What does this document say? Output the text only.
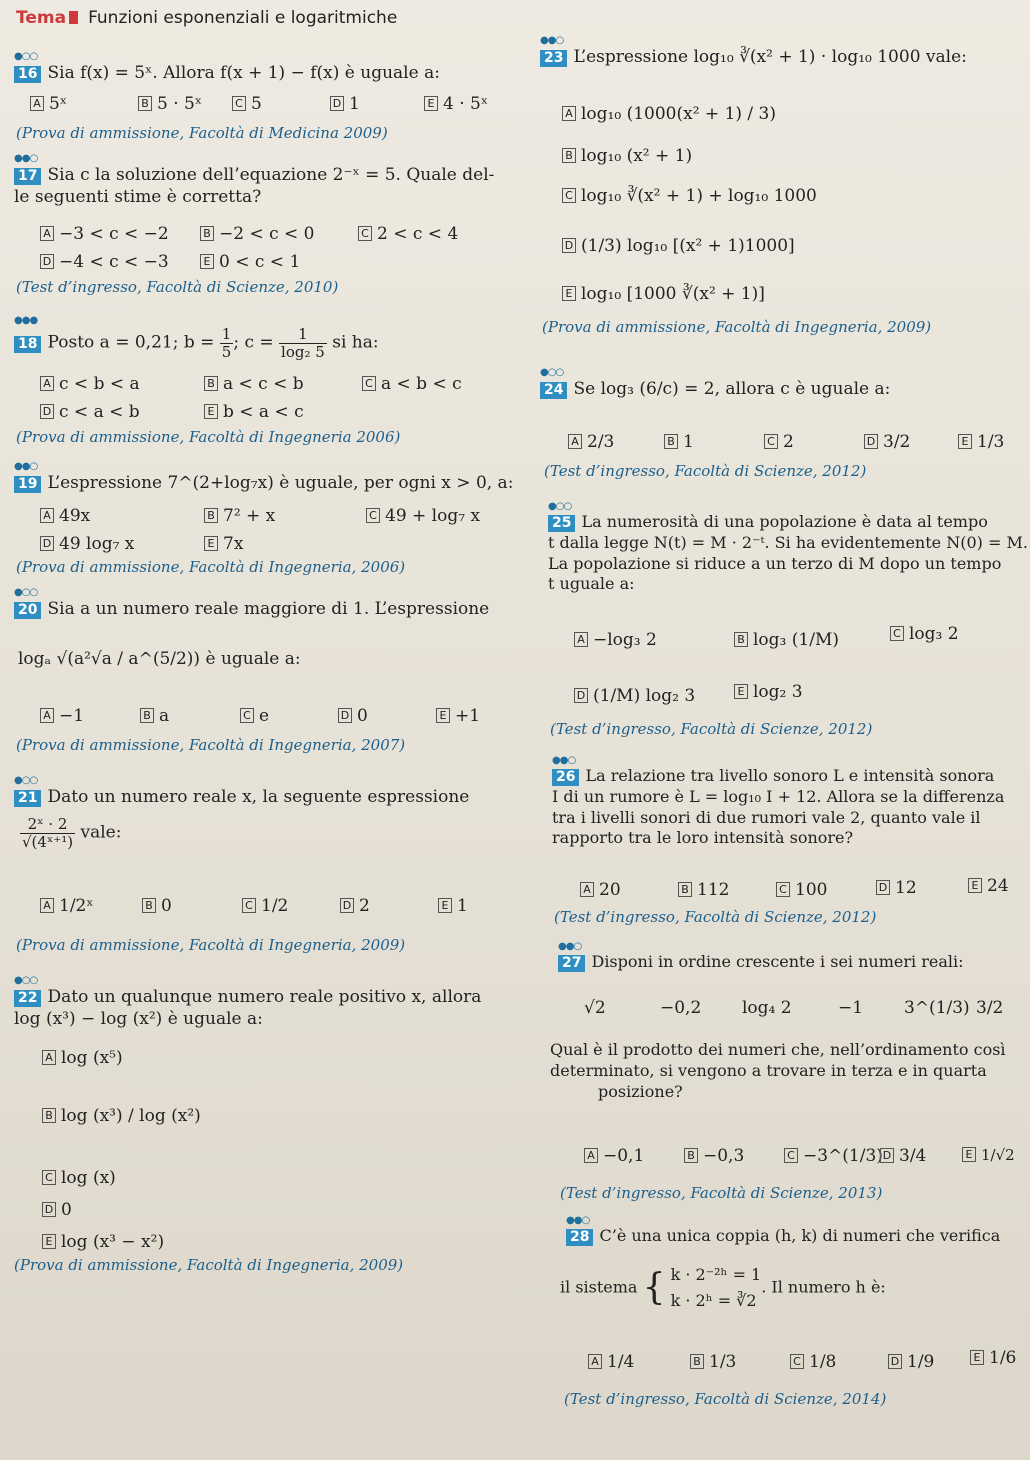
Tema Funzioni esponenziali e logaritmiche
●○○
16 Sia f(x) = 5ˣ. Allora f(x + 1) − f(x) è uguale a:
A 5ˣ	B 5 · 5ˣ	C 5	D 1	E 4 · 5ˣ
(Prova di ammissione, Facoltà di Medicina 2009)
●●○
17 Sia c la soluzione dell’equazione 2⁻ˣ = 5. Quale del-
le seguenti stime è corretta?
A −3 < c < −2	B −2 < c < 0	C 2 < c < 4
D −4 < c < −3	E 0 < c < 1
(Test d’ingresso, Facoltà di Scienze, 2010)
●●●
18 Posto a = 0,21; $b = \frac{1}{5}$ ; $c = \frac{1}{\text{log₂ 5}}$ si ha:
A c < b < a	B a < c < b	C a < b < c
D c < a < b	E b < a < c
(Prova di ammissione, Facoltà di Ingegneria 2006)
●●○
19 L’espressione 7^(2+log₇x) è uguale, per ogni x > 0, a:
A 49x	B 7² + x	C 49 + log₇ x
D 49 log₇ x	E 7x
(Prova di ammissione, Facoltà di Ingegneria, 2006)
●○○
20 Sia a un numero reale maggiore di 1. L’espressione
logₐ √(a²√a / a^(5/2)) è uguale a:
A −1	B a	C e	D 0	E +1
(Prova di ammissione, Facoltà di Ingegneria, 2007)
●○○
21 Dato un numero reale x, la seguente espressione
$\frac{\text{2ˣ · 2}}{\text{√(4ˣ⁺¹)}}$ vale:
A 1/2ˣ	B 0	C 1/2	D 2	E 1
(Prova di ammissione, Facoltà di Ingegneria, 2009)
●○○
22 Dato un qualunque numero reale positivo x, allora
log (x³) − log (x²) è uguale a:
A log (x⁵)
B log (x³) / log (x²)
C log (x)
D 0
E log (x³ − x²)
(Prova di ammissione, Facoltà di Ingegneria, 2009)
●●○
23 L’espressione log₁₀ ∛(x² + 1) · log₁₀ 1000 vale:
A log₁₀ (1000(x² + 1) / 3)
B log₁₀ (x² + 1)
C log₁₀ ∛(x² + 1) + log₁₀ 1000
D (1/3) log₁₀ [(x² + 1)1000]
E log₁₀ [1000 ∛(x² + 1)]
(Prova di ammissione, Facoltà di Ingegneria, 2009)
●○○
24 Se log₃ (6/c) = 2, allora c è uguale a:
A 2/3	B 1	C 2	D 3/2	E 1/3
(Test d’ingresso, Facoltà di Scienze, 2012)
●○○
25 La numerosità di una popolazione è data al tempo
t dalla legge N(t) = M · 2⁻ᵗ. Si ha evidentemente N(0) = M.
La popolazione si riduce a un terzo di M dopo un tempo
t uguale a:
A −log₃ 2	B log₃ (1/M)	C log₃ 2
D (1/M) log₂ 3	E log₂ 3
(Test d’ingresso, Facoltà di Scienze, 2012)
●●○
26 La relazione tra livello sonoro L e intensità sonora
I di un rumore è L = log₁₀ I + 12. Allora se la differenza
tra i livelli sonori di due rumori vale 2, quanto vale il
rapporto tra le loro intensità sonore?
A 20	B 112	C 100	D 12	E 24
(Test d’ingresso, Facoltà di Scienze, 2012)
●●○
27 Disponi in ordine crescente i sei numeri reali:
√2	−0,2 log₄ 2	−1 3^(1/3) 3/2
Qual è il prodotto dei numeri che, nell’ordinamento così
determinato, si vengono a trovare in terza e in quarta
posizione?
A −0,1	B −0,3	C −3^(1/3) D 3/4	E 1/√2
(Test d’ingresso, Facoltà di Scienze, 2013)
●●○
28 C’è una unica coppia (h, k) di numeri che verifica
il sistema { k · 2⁻²ʰ = 1
k · 2ʰ = ∛2. Il numero h è:
A 1/4	B 1/3	C 1/8	D 1/9	E 1/6
(Test d’ingresso, Facoltà di Scienze, 2014)
